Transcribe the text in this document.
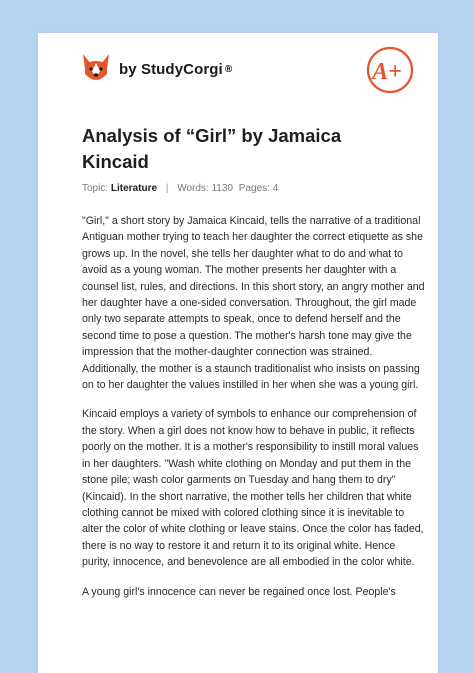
by StudyCorgi ®	A+
Analysis of “Girl” by Jamaica Kincaid
Topic: Literature | Words: 1130 Pages: 4

"Girl," a short story by Jamaica Kincaid, tells the narrative of a traditional Antiguan mother trying to teach her daughter the correct etiquette as she grows up. In the novel, she tells her daughter what to do and what to avoid as a young woman. The mother presents her daughter with a counsel list, rules, and directions. In this short story, an angry mother and her daughter have a one-sided conversation. Throughout, the girl made only two separate attempts to speak, once to defend herself and the second time to pose a question. The mother's harsh tone may give the impression that the mother-daughter connection was strained. Additionally, the mother is a staunch traditionalist who insists on passing on to her daughter the values instilled in her when she was a young girl.

Kincaid employs a variety of symbols to enhance our comprehension of the story. When a girl does not know how to behave in public, it reflects poorly on the mother. It is a mother's responsibility to instill moral values in her daughters. "Wash white clothing on Monday and put them in the stone pile; wash color garments on Tuesday and hang them to dry" (Kincaid). In the short narrative, the mother tells her children that white clothing cannot be mixed with colored clothing since it is inevitable to alter the color of white clothing or leave stains. Once the color has faded, there is no way to restore it and return it to its original white. Hence purity, innocence, and benevolence are all embodied in the color white.

A young girl's innocence can never be regained once lost. People's
